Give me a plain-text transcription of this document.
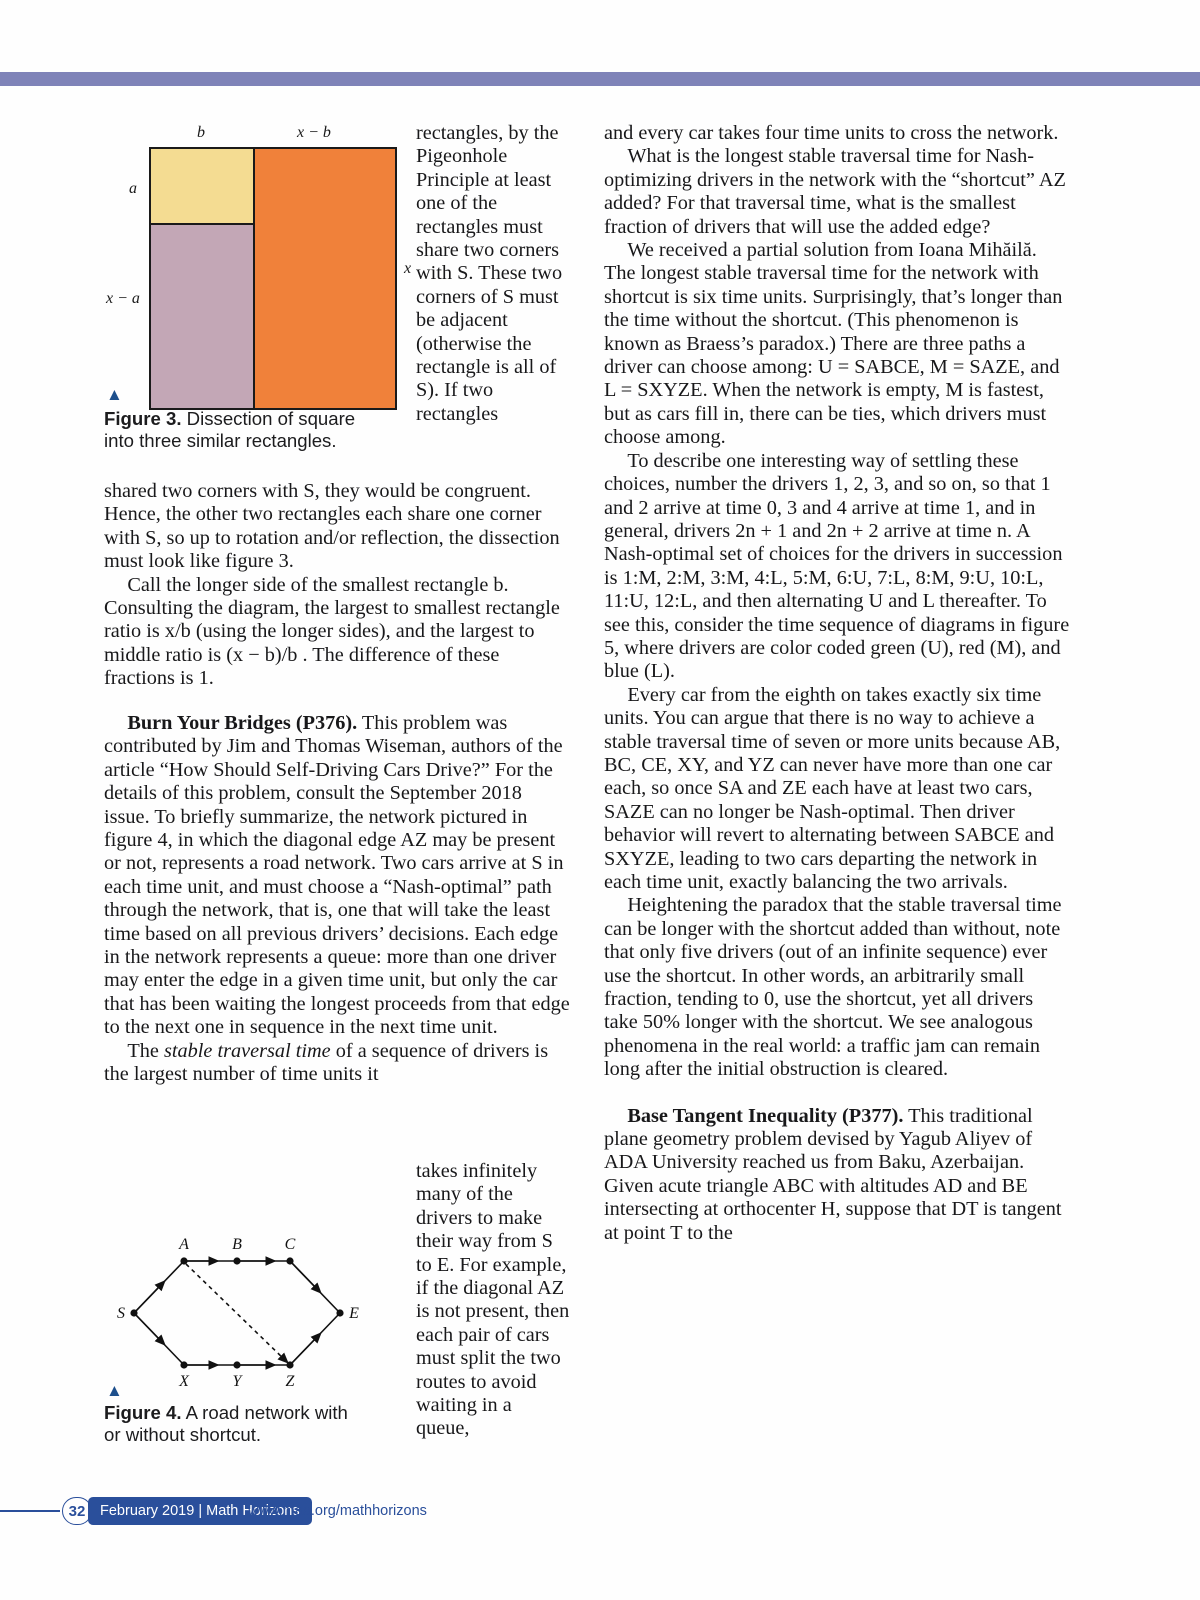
b	x − b
a
x − a
x
▲
Figure 3. Dissection of square into three similar rectangles.

rectangles, by the Pigeonhole Principle at least one of the rectangles must share two corners with S. These two corners of S must be adjacent (otherwise the rectangle is all of S). If two rectangles

shared two corners with S, they would be congruent. Hence, the other two rectangles each share one corner with S, so up to rotation and/or reflection, the dissection must look like figure 3.

Call the longer side of the smallest rectangle b. Consulting the diagram, the largest to smallest rectangle ratio is x/b (using the longer sides), and the largest to middle ratio is (x − b)/b . The difference of these fractions is 1.

Burn Your Bridges (P376). This problem was contributed by Jim and Thomas Wiseman, authors of the article “How Should Self-Driving Cars Drive?” For the details of this problem, consult the September 2018 issue. To briefly summarize, the network pictured in figure 4, in which the diagonal edge AZ may be present or not, represents a road network. Two cars arrive at S in each time unit, and must choose a “Nash-optimal” path through the network, that is, one that will take the least time based on all previous drivers’ decisions. Each edge in the network represents a queue: more than one driver may enter the edge in a given time unit, but only the car that has been waiting the longest proceeds from that edge to the next one in sequence in the next time unit.

The stable traversal time of a sequence of drivers is the largest number of time units it

takes infinitely many of the drivers to make their way from S to E. For example, if the diagonal AZ is not present, then each pair of cars must split the two routes to avoid waiting in a queue,

S
A	B	C
E
X	Y	Z
▲
Figure 4. A road network with or without shortcut.

and every car takes four time units to cross the network.

What is the longest stable traversal time for Nash-optimizing drivers in the network with the “shortcut” AZ added? For that traversal time, what is the smallest fraction of drivers that will use the added edge?

We received a partial solution from Ioana Mihăilă. The longest stable traversal time for the network with shortcut is six time units. Surprisingly, that’s longer than the time without the shortcut. (This phenomenon is known as Braess’s paradox.) There are three paths a driver can choose among: U = SABCE, M = SAZE, and L = SXYZE. When the network is empty, M is fastest, but as cars fill in, there can be ties, which drivers must choose among.

To describe one interesting way of settling these choices, number the drivers 1, 2, 3, and so on, so that 1 and 2 arrive at time 0, 3 and 4 arrive at time 1, and in general, drivers 2n + 1 and 2n + 2 arrive at time n. A Nash-optimal set of choices for the drivers in succession is 1:M, 2:M, 3:M, 4:L, 5:M, 6:U, 7:L, 8:M, 9:U, 10:L, 11:U, 12:L, and then alternating U and L thereafter. To see this, consider the time sequence of diagrams in figure 5, where drivers are color coded green (U), red (M), and blue (L).

Every car from the eighth on takes exactly six time units. You can argue that there is no way to achieve a stable traversal time of seven or more units because AB, BC, CE, XY, and YZ can never have more than one car each, so once SA and ZE each have at least two cars, SAZE can no longer be Nash-optimal. Then driver behavior will revert to alternating between SABCE and SXYZE, leading to two cars departing the network in each time unit, exactly balancing the two arrivals.

Heightening the paradox that the stable traversal time can be longer with the shortcut added than without, note that only five drivers (out of an infinite sequence) ever use the shortcut. In other words, an arbitrarily small fraction, tending to 0, use the shortcut, yet all drivers take 50% longer with the shortcut. We see analogous phenomena in the real world: a traffic jam can remain long after the initial obstruction is cleared.

Base Tangent Inequality (P377). This traditional plane geometry problem devised by Yagub Aliyev of ADA University reached us from Baku, Azerbaijan. Given acute triangle ABC with altitudes AD and BE intersecting at orthocenter H, suppose that DT is tangent at point T to the

32	February 2019 | Math Horizons
www.maa.org/mathhorizons
